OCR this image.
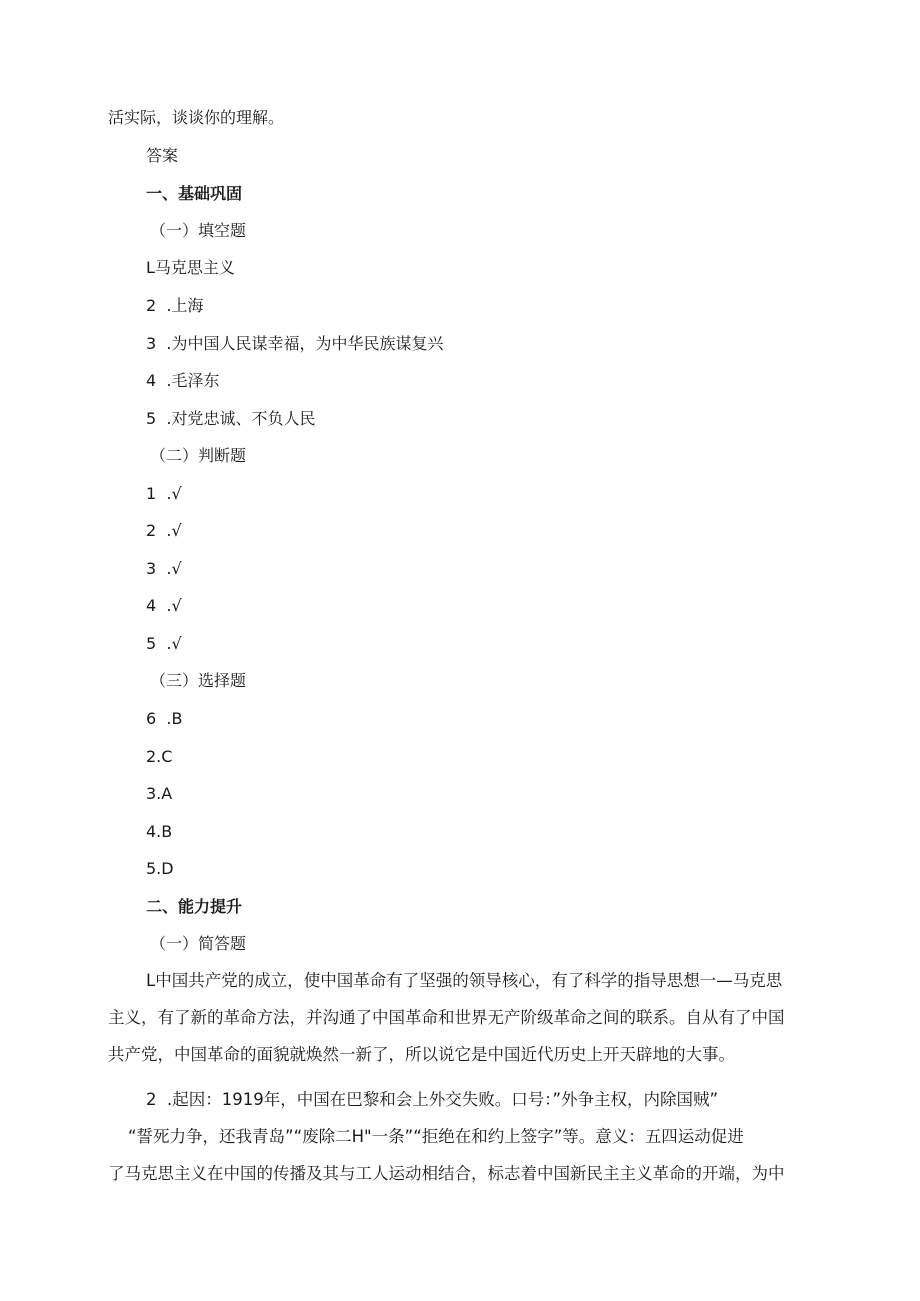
活实际，谈谈你的理解。
答案
一、基础巩固
（一）填空题
L马克思主义
2  .上海
3  .为中国人民谋幸福，为中华民族谋复兴
4  .毛泽东
5  .对党忠诚、不负人民
（二）判断题
1  .√
2  .√
3  .√
4  .√
5  .√
（三）选择题
6  .B
2.C
3.A
4.B
5.D
二、能力提升
（一）简答题

L中国共产党的成立，使中国革命有了坚强的领导核心，有了科学的指导思想一—马克思

主义，有了新的革命方法，并沟通了中国革命和世界无产阶级革命之间的联系。自从有了中国

共产党，中国革命的面貌就焕然一新了，所以说它是中国近代历史上开天辟地的大事。

2  .起因：1919年，中国在巴黎和会上外交失败。口号：”外争主权，内除国贼”

“誓死力争，还我青岛”“废除二H"一条”“拒绝在和约上签字”等。意义：五四运动促进

了马克思主义在中国的传播及其与工人运动相结合，标志着中国新民主主义革命的开端，为中
